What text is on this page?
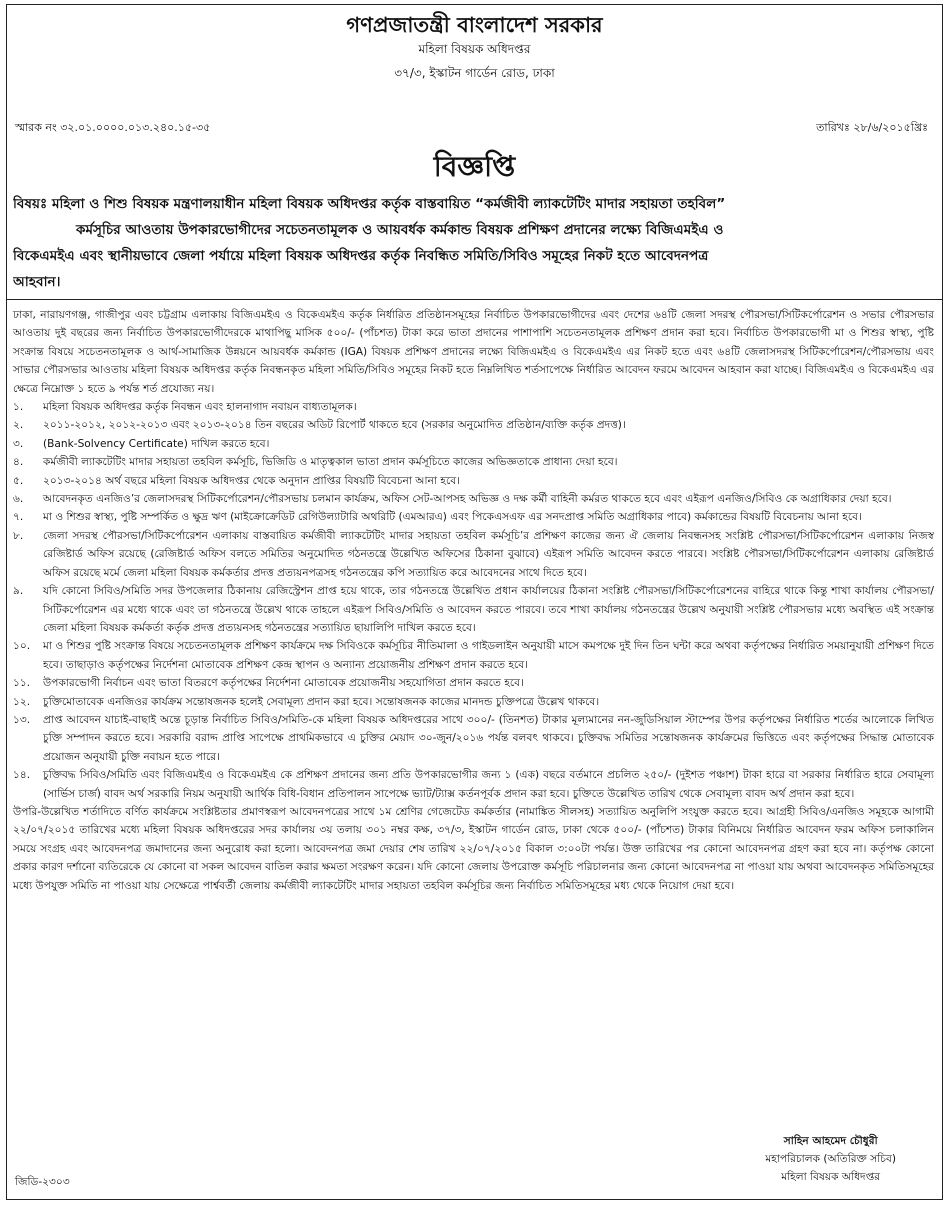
গণপ্রজাতন্ত্রী বাংলাদেশ সরকার
মহিলা বিষয়ক অধিদপ্তর
৩৭/৩, ইস্কাটন গার্ডেন রোড, ঢাকা
স্মারক নং ৩২.০১.০০০০.০১৩.২৪০.১৫-৩৫	তারিখঃ ২৮/৬/২০১৫খ্রিঃ
বিজ্ঞপ্তি
বিষয়ঃ মহিলা ও শিশু বিষয়ক মন্ত্রণালয়াধীন মহিলা বিষয়ক অধিদপ্তর কর্তৃক বাস্তবায়িত “কর্মজীবী ল্যাকটেটিং মাদার সহায়তা তহবিল”
কর্মসূচির আওতায় উপকারভোগীদের সচেতনতামূলক ও আয়বর্ধক কর্মকান্ড বিষয়ক প্রশিক্ষণ প্রদানের লক্ষ্যে বিজিএমইএ ও
বিকেএমইএ এবং স্থানীয়ভাবে জেলা পর্যায়ে মহিলা বিষয়ক অধিদপ্তর কর্তৃক নিবন্ধিত সমিতি/সিবিও সমূহের নিকট হতে আবেদনপত্র
আহবান।
ঢাকা, নারায়ণগঞ্জ, গাজীপুর এবং চট্টগ্রাম এলাকায় বিজিএমইএ ও বিকেএমইএ কর্তৃক নির্ধারিত প্রতিষ্ঠানসমূহের নির্বাচিত উপকারভোগীদের এবং দেশের ৬৪টি জেলা সদরস্থ পৌরসভা/সিটিকর্পোরেশন ও সভার পৌরসভার আওতায় দুই বছরের জন্য নির্বাচিত উপকারভোগীদেরকে মাথাপিছু মাসিক ৫০০/- (পাঁচশত) টাকা করে ভাতা প্রদানের পাশাপাশি সচেতনতামূলক প্রশিক্ষণ প্রদান করা হবে। নির্বাচিত উপকারভোগী মা ও শিশুর স্বাস্থ্য, পুষ্টি সংক্রান্ত বিষয়ে সচেতনতামূলক ও আর্থ-সামাজিক উন্নয়নে আয়বর্ধক কর্মকান্ড (IGA) বিষয়ক প্রশিক্ষণ প্রদানের লক্ষ্যে বিজিএমইএ ও বিকেএমইএ এর নিকট হতে এবং ৬৪টি জেলাসদরস্থ সিটিকর্পোরেশন/পৌরসভায় এবং সাভার পৌরসভার আওতায় মহিলা বিষয়ক অধিদপ্তর কর্তৃক নিবন্ধনকৃত মহিলা সমিতি/সিবিও সমূহের নিকট হতে নিম্নলিখিত শর্তসাপেক্ষে নির্ধারিত আবেদন ফরমে আবেদন আহবান করা যাচ্ছে। বিজিএমইএ ও বিকেএমইএ এর ক্ষেত্রে নিম্নোক্ত ১ হতে ৯ পর্যন্ত শর্ত প্রযোজ্য নয়।
১.	মহিলা বিষয়ক অধিদপ্তর কর্তৃক নিবন্ধন এবং হালনাগাদ নবায়ন বাধ্যতামূলক।
২.	২০১১-২০১২, ২০১২-২০১৩ এবং ২০১৩-২০১৪ তিন বছরের অডিট রিপোর্ট থাকতে হবে (সরকার অনুমোদিত প্রতিষ্ঠান/ব্যক্তি কর্তৃক প্রদত্ত)।
৩.	(Bank-Solvency Certificate) দাখিল করতে হবে।
৪.	কর্মজীবী ল্যাকটেটিং মাদার সহায়তা তহবিল কর্মসূচি, ভিজিডি ও মাতৃত্বকাল ভাতা প্রদান কর্মসূচিতে কাজের অভিজ্ঞতাকে প্রাধান্য দেয়া হবে।
৫.	২০১৩-২০১৪ অর্থ বছরে মহিলা বিষয়ক অধিদপ্তর থেকে অনুদান প্রাপ্তির বিষয়টি বিবেচনা আনা হবে।
৬.	আবেদনকৃত এনজিও’র জেলাসদরস্থ সিটিকর্পোরেশন/পৌরসভায় চলমান কার্যক্রম, অফিস সেট-আপসহ অভিজ্ঞ ও দক্ষ কর্মী বাহিনী কর্মরত থাকতে হবে এবং এইরূপ এনজিও/সিবিও কে অগ্রাধিকার দেয়া হবে।
৭.	মা ও শিশুর স্বাস্থ্য, পুষ্টি সম্পর্কিত ও ক্ষুদ্র ঋণ (মাইক্রোক্রেডিট রেগিউল্যাটারি অথরিটি (এমআরএ) এবং পিকেএসএফ এর সনদপ্রাপ্ত সমিতি অগ্রাধিকার পাবে) কর্মকান্ডের বিষয়টি বিবেচনায় আনা হবে।
৮.	জেলা সদরস্থ পৌরসভা/সিটিকর্পোরেশন এলাকায় বাস্তবায়িত কর্মজীবী ল্যাকটেটিং মাদার সহায়তা তহবিল কর্মসূচি’র প্রশিক্ষণ কাজের জন্য ঐ জেলায় নিবন্ধনসহ সংশ্লিষ্ট পৌরসভা/সিটিকর্পোরেশন এলাকায় নিজস্ব রেজিষ্টার্ড অফিস রয়েছে (রেজিষ্টার্ড অফিস বলতে সমিতির অনুমোদিত গঠনতন্ত্রে উল্লেখিত অফিসের ঠিকানা বুঝাবে) এইরূপ সমিতি আবেদন করতে পারবে। সংশ্লিষ্ট পৌরসভা/সিটিকর্পোরেশন এলাকায় রেজিষ্টার্ড অফিস রয়েছে মর্মে জেলা মহিলা বিষয়ক কর্মকর্তার প্রদত্ত প্রত্যয়নপত্রসহ গঠনতন্ত্রের কপি সত্যায়িত করে আবেদনের সাথে দিতে হবে।
৯.	যদি কোনো সিবিও/সমিতি সদর উপজেলার ঠিকানায় রেজিস্ট্রেশন প্রাপ্ত হয়ে থাকে, তার গঠনতন্ত্রে উল্লেখিত প্রধান কার্যালয়ের ঠিকানা সংশ্লিষ্ট পৌরসভা/সিটিকর্পোরেশনের বাহিরে থাকে কিন্তু শাখা কার্যালয় পৌরসভা/সিটিকর্পোরেশন এর মধ্যে থাকে এবং তা গঠনতন্ত্রে উল্লেখ থাকে তাহলে এইরূপ সিবিও/সমিতি ও আবেদন করতে পারবে। তবে শাখা কার্যালয় গঠনতন্ত্রের উল্লেখ অনুযায়ী সংশ্লিষ্ট পৌরসভার মধ্যে অবস্থিত এই সংক্রান্ত জেলা মহিলা বিষয়ক কর্মকর্তা কর্তৃক প্রদত্ত প্রত্যয়নসহ গঠনতন্ত্রের সত্যায়িত ছায়ালিপি দাখিল করতে হবে।
১০.	মা ও শিশুর পুষ্টি সংক্রান্ত বিষয়ে সচেতনতামূলক প্রশিক্ষণ কার্যক্রমে দক্ষ সিবিওকে কর্মসূচির নীতিমালা ও গাইডলাইন অনুযায়ী মাসে কমপক্ষে দুই দিন তিন ঘন্টা করে অথবা কর্তৃপক্ষের নির্ধারিত সময়ানুযায়ী প্রশিক্ষণ দিতে হবে। তাছাড়াও কর্তৃপক্ষের নির্দেশনা মোতাবেক প্রশিক্ষণ কেন্দ্র স্থাপন ও অন্যান্য প্রয়োজনীয় প্রশিক্ষণ প্রদান করতে হবে।
১১.	উপকারভোগী নির্বাচন এবং ভাতা বিতরণে কর্তৃপক্ষের নির্দেশনা মোতাবেক প্রয়োজনীয় সহযোগিতা প্রদান করতে হবে।
১২.	চুক্তিমোতাবেক এনজিওর কার্যক্রম সন্তোষজনক হলেই সেবামূল্য প্রদান করা হবে। সন্তোষজনক কাজের মানদন্ড চুক্তিপত্রে উল্লেখ থাকবে।
১৩.	প্রাপ্ত আবেদন যাচাই-বাছাই অন্তে চূড়ান্ত নির্বাচিত সিবিও/সমিতি-কে মহিলা বিষয়ক অধিদপ্তরের সাথে ৩০০/- (তিনশত) টাকার মূল্যমানের নন-জুডিসিয়াল স্টাম্পের উপর কর্তৃপক্ষের নির্ধারিত শর্তের আলোকে লিখিত চুক্তি সম্পাদন করতে হবে। সরকারি বরাদ্দ প্রাপ্তি সাপেক্ষে প্রাথমিকভাবে এ চুক্তির মেয়াদ ৩০-জুন/২০১৬ পর্যন্ত বলবৎ থাকবে। চুক্তিবদ্ধ সমিতির সন্তোষজনক কার্যক্রমের ভিত্তিতে এবং কর্তৃপক্ষের সিদ্ধান্ত মোতাবেক প্রয়োজন অনুযায়ী চুক্তি নবায়ন হতে পারে।
১৪.	চুক্তিবদ্ধ সিবিও/সমিতি এবং বিজিএমইএ ও বিকেএমইএ কে প্রশিক্ষণ প্রদানের জন্য প্রতি উপকারভোগীর জন্য ১ (এক) বছরে বর্তমানে প্রচলিত ২৫০/- (দুইশত পঞ্চাশ) টাকা হারে বা সরকার নির্ধারিত হারে সেবামূল্য (সার্ভিস চার্জ) বাবদ অর্থ সরকারি নিয়ম অনুযায়ী আর্থিক বিধি-বিধান প্রতিপালন সাপেক্ষে ভ্যাট/ট্যাক্স কর্তনপূর্বক প্রদান করা হবে। চুক্তিতে উল্লেখিত তারিখ থেকে সেবামূল্য বাবদ অর্থ প্রদান করা হবে।
উপরি-উল্লেখিত শর্তাদিতে বর্ণিত কার্যক্রমে সংশ্লিষ্টতার প্রমাণস্বরূপ আবেদনপত্রের সাথে ১ম শ্রেণির গেজেটেড কর্মকর্তার (নামাঙ্কিত সীলসহ) সত্যায়িত অনুলিপি সংযুক্ত করতে হবে। আগ্রহী সিবিও/এনজিও সমূহকে আগামী ২২/০৭/২০১৫ তারিখের মধ্যে মহিলা বিষয়ক অধিদপ্তরের সদর কার্যালয় ৩য় তলায় ৩০১ নম্বর কক্ষ, ৩৭/৩, ইস্কাটন গার্ডেন রোড, ঢাকা থেকে ৫০০/- (পাঁচশত) টাকার বিনিময়ে নির্ধারিত আবেদন ফরম অফিস চলাকালিন সময়ে সংগ্রহ এবং আবেদনপত্র জমাদানের জন্য অনুরোধ করা হলো। আবেদনপত্র জমা দেয়ার শেষ তারিখ ২২/০৭/২০১৫ বিকাল ৩:০০টা পর্যন্ত। উক্ত তারিখের পর কোনো আবেদনপত্র গ্রহণ করা হবে না। কর্তৃপক্ষ কোনো প্রকার কারণ দর্শানো ব্যতিরেকে যে কোনো বা সকল আবেদন বাতিল করার ক্ষমতা সংরক্ষণ করেন। যদি কোনো জেলায় উপরোক্ত কর্মসূচি পরিচালনার জন্য কোনো আবেদনপত্র না পাওয়া যায় অথবা আবেদনকৃত সমিতিসমূহের মধ্যে উপযুক্ত সমিতি না পাওয়া যায় সেক্ষেত্রে পার্শ্ববর্তী জেলায় কর্মজীবী ল্যাকটেটিং মাদার সহায়তা তহবিল কর্মসূচির জন্য নির্বাচিত সমিতিসমূহের মধ্য থেকে নিয়োগ দেয়া হবে।
সাহিন আহমেদ চৌধুরী
মহাপরিচালক (অতিরিক্ত সচিব)
মহিলা বিষয়ক অধিদপ্তর
জিডি-২৩০৩
